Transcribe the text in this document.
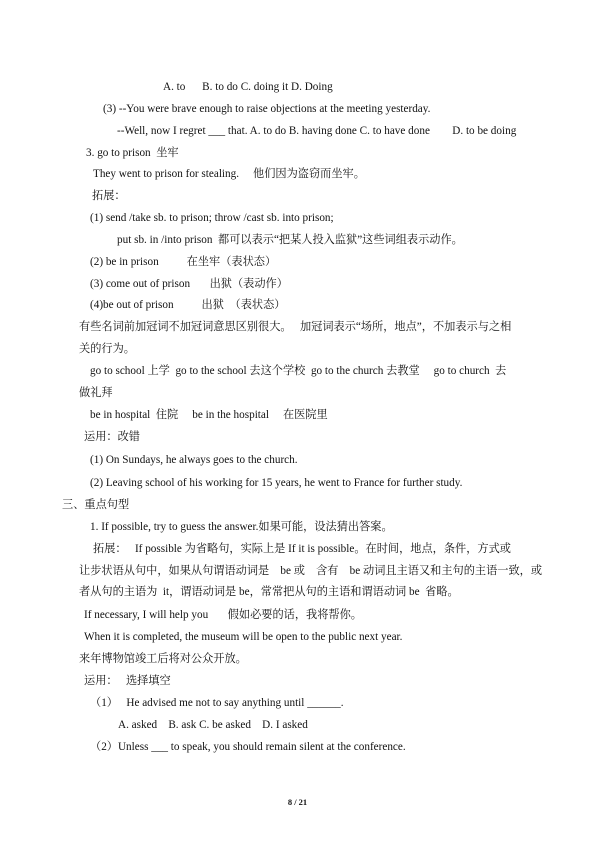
A. to      B. to do C. doing it D. Doing
(3) --You were brave enough to raise objections at the meeting yesterday.
--Well, now I regret ___ that. A. to do B. having done C. to have done        D. to be doing
3. go to prison  坐牢
They went to prison for stealing.     他们因为盗窃而坐牢。
拓展：
(1) send /take sb. to prison; throw /cast sb. into prison;
put sb. in /into prison  都可以表示“把某人投入监狱”这些词组表示动作。
(2) be in prison          在坐牢（表状态）
(3) come out of prison       出狱（表动作）
(4)be out of prison          出狱  （表状态）
有些名词前加冠词不加冠词意思区别很大。   加冠词表示“场所，地点”，不加表示与之相
关的行为。
go to school 上学  go to the school 去这个学校  go to the church 去教堂     go to church  去
做礼拜
be in hospital  住院     be in the hospital     在医院里
运用：改错
(1) On Sundays, he always goes to the church.
(2) Leaving school of his working for 15 years, he went to France for further study.
三、重点句型
1. If possible, try to guess the answer.如果可能，设法猜出答案。
拓展：   If possible 为省略句，实际上是 If it is possible。在时间，地点，条件，方式或
让步状语从句中，如果从句谓语动词是    be 或    含有    be 动词且主语又和主句的主语一致，或
者从句的主语为  it，谓语动词是 be，常常把从句的主语和谓语动词 be  省略。
If necessary, I will help you       假如必要的话，我将帮你。
When it is completed, the museum will be open to the public next year.
来年博物馆竣工后将对公众开放。
运用：   选择填空
（1）   He advised me not to say anything until ______.
A. asked    B. ask C. be asked    D. I asked
（2）Unless ___ to speak, you should remain silent at the conference.
8 / 21
